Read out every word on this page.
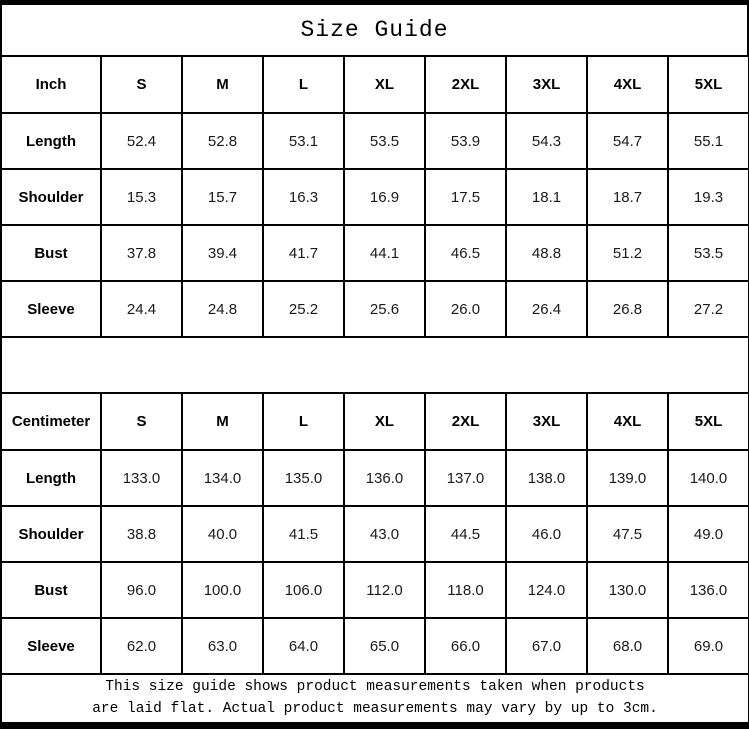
Size Guide
Inch	S	M	L	XL	2XL	3XL	4XL	5XL
Length	52.4	52.8	53.1	53.5	53.9	54.3	54.7	55.1
Shoulder	15.3	15.7	16.3	16.9	17.5	18.1	18.7	19.3
Bust	37.8	39.4	41.7	44.1	46.5	48.8	51.2	53.5
Sleeve	24.4	24.8	25.2	25.6	26.0	26.4	26.8	27.2

Centimeter	S	M	L	XL	2XL	3XL	4XL	5XL
Length	133.0	134.0	135.0	136.0	137.0	138.0	139.0	140.0
Shoulder	38.8	40.0	41.5	43.0	44.5	46.0	47.5	49.0
Bust	96.0	100.0	106.0	112.0	118.0	124.0	130.0	136.0
Sleeve	62.0	63.0	64.0	65.0	66.0	67.0	68.0	69.0

This size guide shows product measurements taken when products
are laid flat. Actual product measurements may vary by up to 3cm.								
